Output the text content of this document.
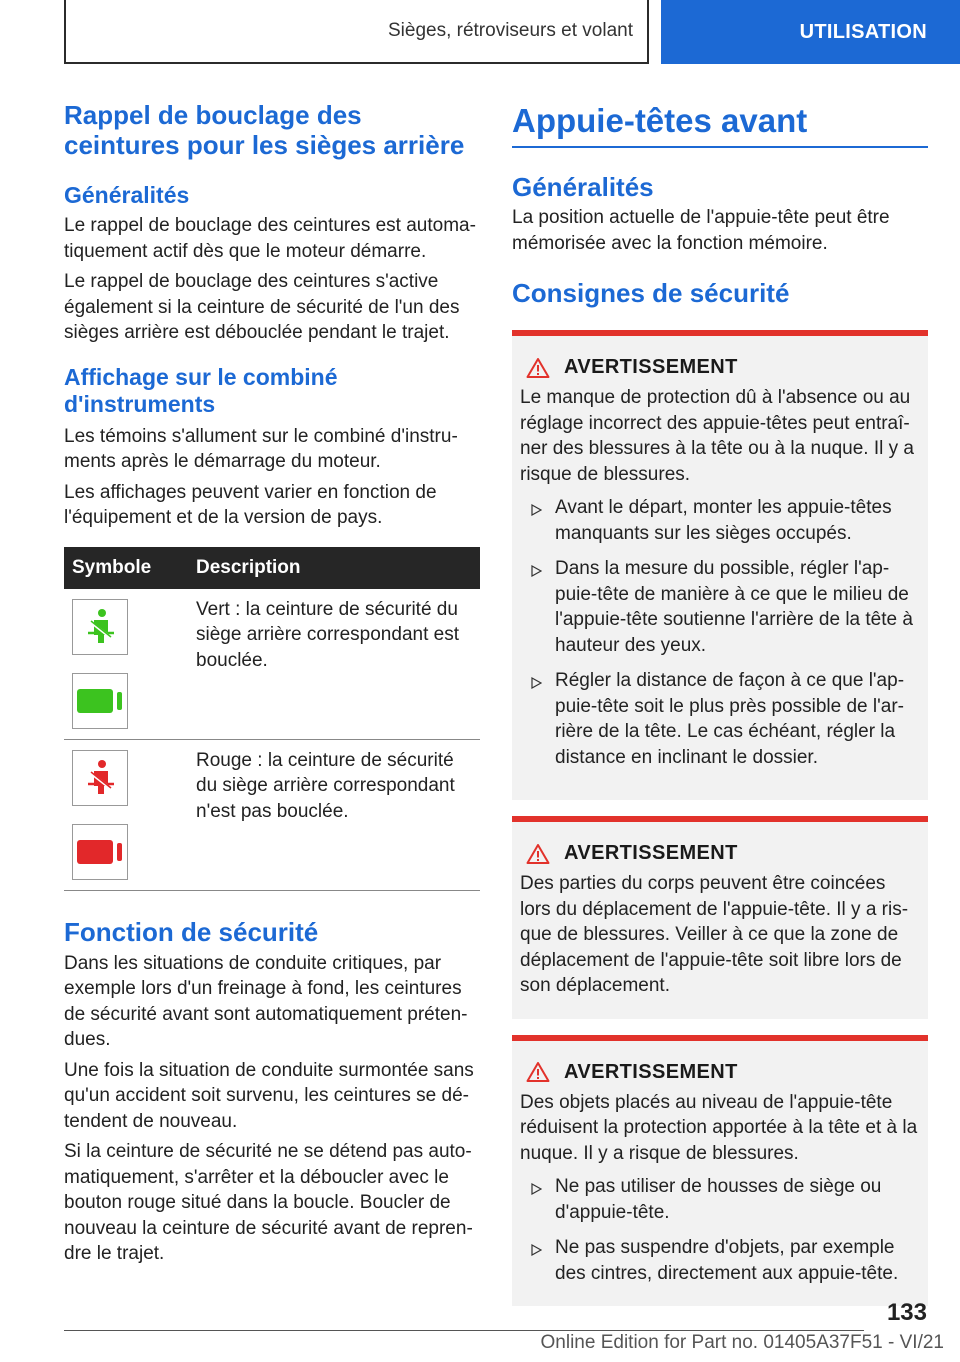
Sièges, rétroviseurs et volant	UTILISATION
Rappel de bouclage des
ceintures pour les sièges arrière
Généralités

Le rappel de bouclage des ceintures est automatiquement actif dès que le moteur démarre.

Le rappel de bouclage des ceintures s'active également si la ceinture de sécurité de l'un des sièges arrière est débouclée pendant le trajet.

Affichage sur le combiné
d'instruments

Les témoins s'allument sur le combiné d'instruments après le démarrage du moteur.

Les affichages peuvent varier en fonction de l'équipement et de la version de pays.

Symbole	Description

	Vert : la ceinture de sécurité du siège arrière correspondant est bouclée.

	Rouge : la ceinture de sécurité du siège arrière correspondant n'est pas bouclée.
Fonction de sécurité

Dans les situations de conduite critiques, par exemple lors d'un freinage à fond, les ceintures de sécurité avant sont automatiquement prétendues.

Une fois la situation de conduite surmontée sans qu'un accident soit survenu, les ceintures se détendent de nouveau.

Si la ceinture de sécurité ne se détend pas automatiquement, s'arrêter et la déboucler avec le bouton rouge situé dans la boucle. Boucler de nouveau la ceinture de sécurité avant de reprendre le trajet.

Appuie-têtes avant
Généralités

La position actuelle de l'appuie-tête peut être mémorisée avec la fonction mémoire.

Consignes de sécurité
AVERTISSEMENT

Le manque de protection dû à l'absence ou au réglage incorrect des appuie-têtes peut entraîner des blessures à la tête ou à la nuque. Il y a risque de blessures.

Avant le départ, monter les appuie-têtes manquants sur les sièges occupés.
Dans la mesure du possible, régler l'appuie-tête de manière à ce que le milieu de l'appuie-tête soutienne l'arrière de la tête à hauteur des yeux.
Régler la distance de façon à ce que l'appuie-tête soit le plus près possible de l'arrière de la tête. Le cas échéant, régler la distance en inclinant le dossier.
AVERTISSEMENT

Des parties du corps peuvent être coincées lors du déplacement de l'appuie-tête. Il y a risque de blessures. Veiller à ce que la zone de déplacement de l'appuie-tête soit libre lors de son déplacement.

AVERTISSEMENT

Des objets placés au niveau de l'appuie-tête réduisent la protection apportée à la tête et à la nuque. Il y a risque de blessures.

Ne pas utiliser de housses de siège ou d'appuie-tête.
Ne pas suspendre d'objets, par exemple des cintres, directement aux appuie-tête.
133
Online Edition for Part no. 01405A37F51 - VI/21
